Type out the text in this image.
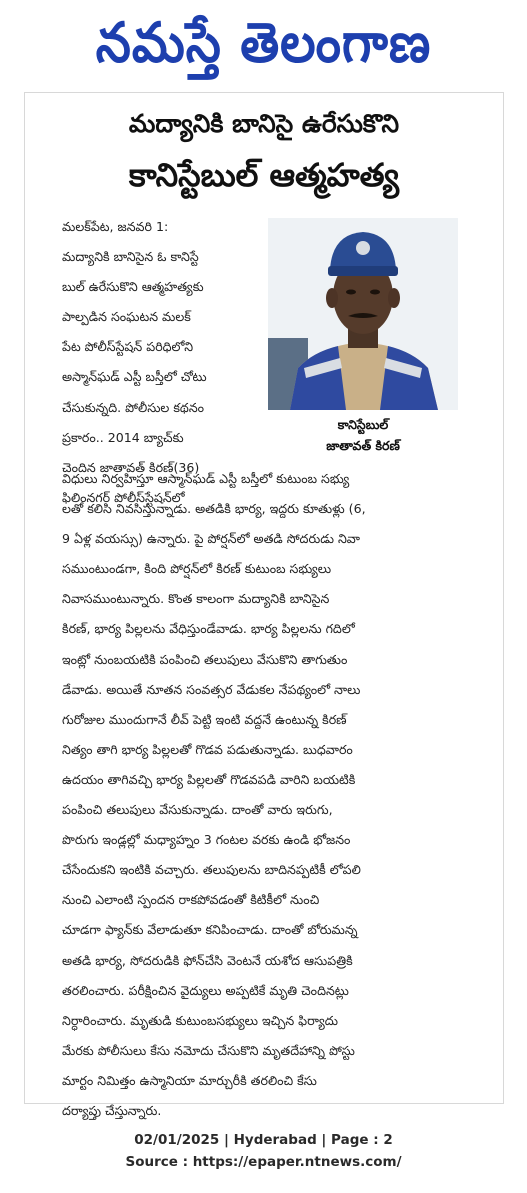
నమస్తే తెలంగాణ
మద్యానికి బానిసై ఉరేసుకొని
కానిస్టేబుల్ ఆత్మహత్య
మలక్‌పేట, జనవరి 1:
మద్యానికి బానిసైన ఓ కానిస్టే
బుల్ ఉరేసుకొని ఆత్మహత్యకు
పాల్పడిన సంఘటన మలక్
పేట పోలీస్‌స్టేషన్ పరిధిలోని
అస్మాన్‌ఘడ్ ఎస్టీ బస్తీలో చోటు
చేసుకున్నది. పోలీసుల కథనం
ప్రకారం.. 2014 బ్యాచ్‌కు
చెందిన జాతావత్ కిరణ్(36)
ఫిలింనగర్ పోలీస్‌స్టేషన్‌లో
కానిస్టేబుల్
జాతావత్ కిరణ్
విధులు నిర్వహిస్తూ ఆస్మాన్‌ఘడ్ ఎస్టీ బస్తీలో కుటుంబ సభ్యు
లతో కలిసి నివసిస్తున్నాడు. అతడికి భార్య, ఇద్దరు కూతుళ్లు (6,
9 ఏళ్ల వయస్సు) ఉన్నారు. పై పోర్షన్‌లో అతడి సోదరుడు నివా
సముంటుండగా, కింది పోర్షన్‌లో కిరణ్ కుటుంబ సభ్యులు
నివాసముంటున్నారు. కొంత కాలంగా మద్యానికి బానిసైన
కిరణ్, భార్య పిల్లలను వేధిస్తుండేవాడు. భార్య పిల్లలను గదిలో
ఇంట్లో నుంబయటికి పంపించి తలుపులు వేసుకొని తాగుతుం
డేవాడు. అయితే నూతన సంవత్సర వేడుకల నేపథ్యంలో నాలు
గురోజుల ముందుగానే లీవ్ పెట్టి ఇంటి వద్దనే ఉంటున్న కిరణ్
నిత్యం తాగి భార్య పిల్లలతో గొడవ పడుతున్నాడు. బుధవారం
ఉదయం తాగివచ్చి భార్య పిల్లలతో గొడవపడి వారిని బయటికి
పంపించి తలుపులు వేసుకున్నాడు. దాంతో వారు ఇరుగు,
పొరుగు ఇండ్లల్లో మధ్యాహ్నం 3 గంటల వరకు ఉండి భోజనం
చేసేందుకని ఇంటికి వచ్చారు. తలుపులను బాదినప్పటికీ లోపలి
నుంచి ఎలాంటి స్పందన రాకపోవడంతో కిటికీలో నుంచి
చూడగా ఫ్యాన్‌కు వేలాడుతూ కనిపించాడు. దాంతో బోరుమన్న
అతడి భార్య, సోదరుడికి ఫోన్‌చేసి వెంటనే యశోద ఆసుపత్రికి
తరలించారు. పరీక్షించిన వైద్యులు అప్పటికే మృతి చెందినట్లు
నిర్ధారించారు. మృతుడి కుటుంబసభ్యులు ఇచ్చిన ఫిర్యాదు
మేరకు పోలీసులు కేసు నమోదు చేసుకొని మృతదేహాన్ని పోస్టు
మార్టం నిమిత్తం ఉస్మానియా మార్చురీకి తరలించి కేసు
దర్యాప్తు చేస్తున్నారు.
02/01/2025 | Hyderabad | Page : 2
Source : https://epaper.ntnews.com/
